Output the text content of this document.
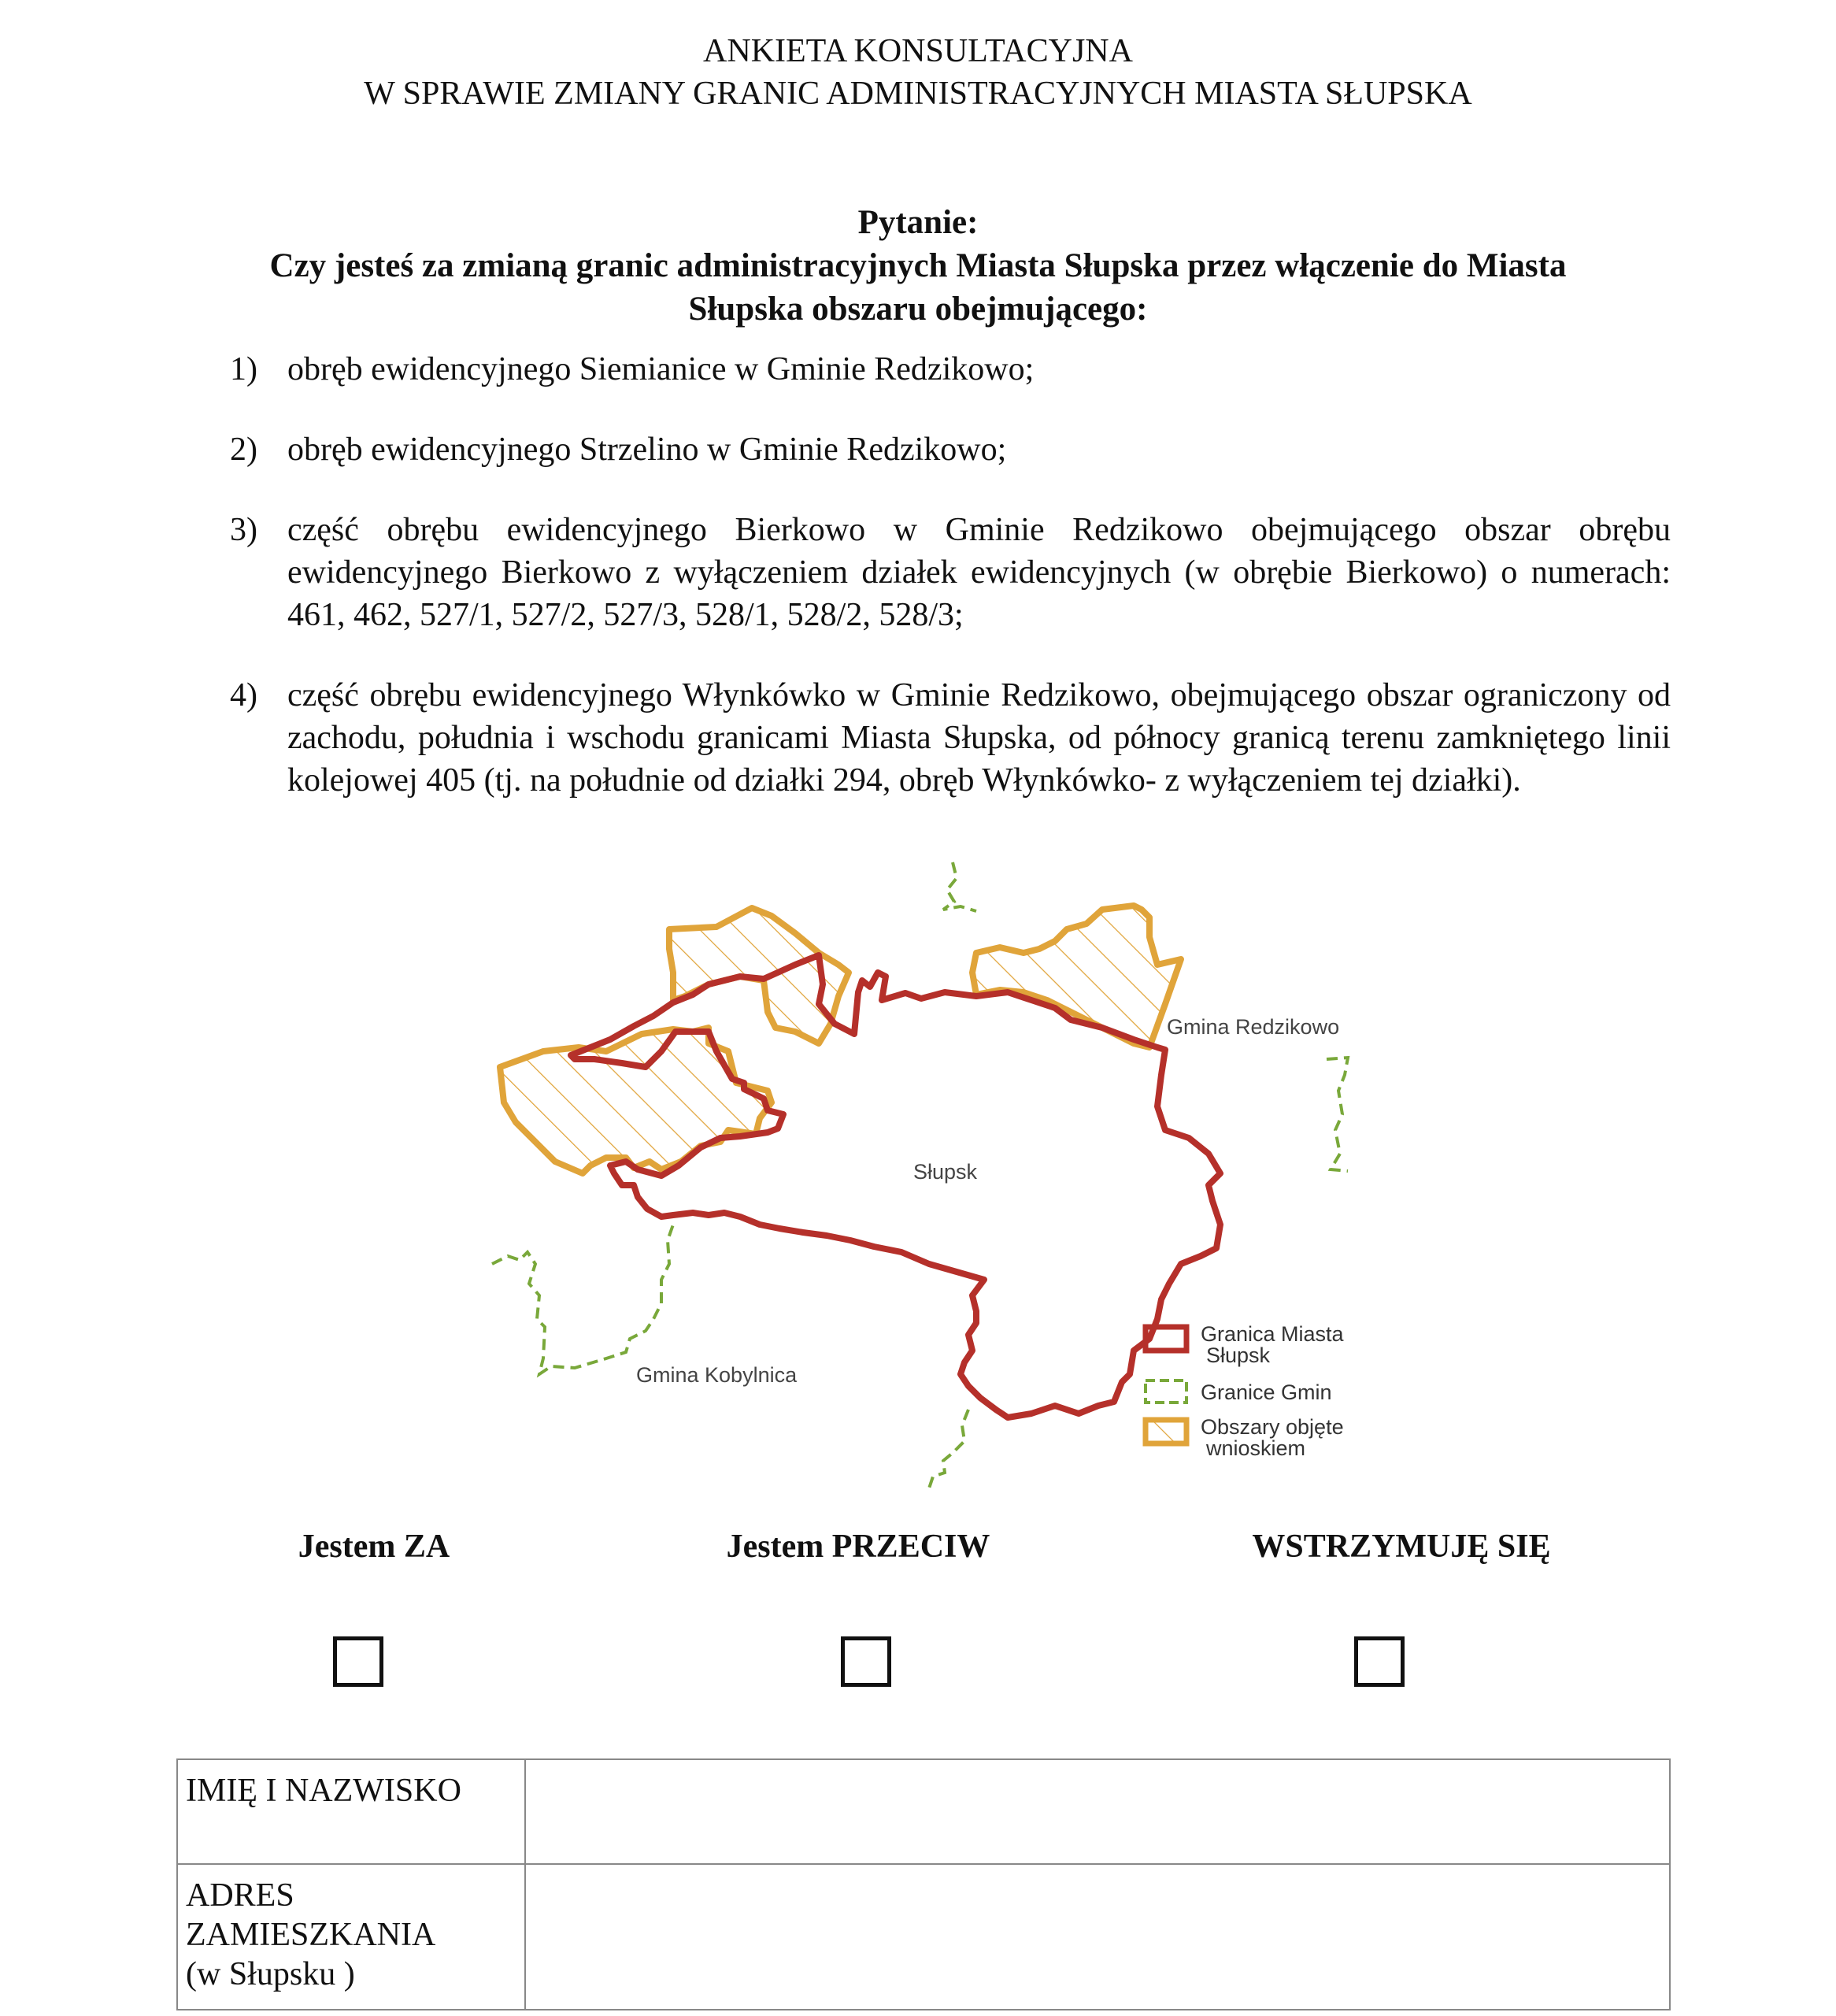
ANKIETA KONSULTACYJNA
W SPRAWIE ZMIANY GRANIC ADMINISTRACYJNYCH MIASTA SŁUPSKA
Pytanie:
Czy jesteś za zmianą granic administracyjnych Miasta Słupska przez włączenie do Miasta
Słupska obszaru obejmującego:
1) obręb ewidencyjnego Siemianice w Gminie Redzikowo;
2) obręb ewidencyjnego Strzelino w Gminie Redzikowo;
3) część obrębu ewidencyjnego Bierkowo w Gminie Redzikowo obejmującego obszar obrębu ewidencyjnego Bierkowo z wyłączeniem działek ewidencyjnych (w obrębie Bierkowo) o numerach: 461, 462, 527/1, 527/2, 527/3, 528/1, 528/2, 528/3;
4) część obrębu ewidencyjnego Włynkówko w Gminie Redzikowo, obejmującego obszar ograniczony od zachodu, południa i wschodu granicami Miasta Słupska, od północy granicą terenu zamkniętego linii kolejowej 405 (tj. na południe od działki 294, obręb Włynkówko- z wyłączeniem tej działki).
Gmina Redzikowo
Słupsk
Gmina Kobylnica
Granica Miasta
Słupsk
Granice Gmin
Obszary objęte
wnioskiem
Jestem ZA	Jestem PRZECIW	WSTRZYMUJĘ SIĘ
IMIĘ I NAZWISKO	

ADRES
ZAMIESZKANIA
(w Słupsku )	
